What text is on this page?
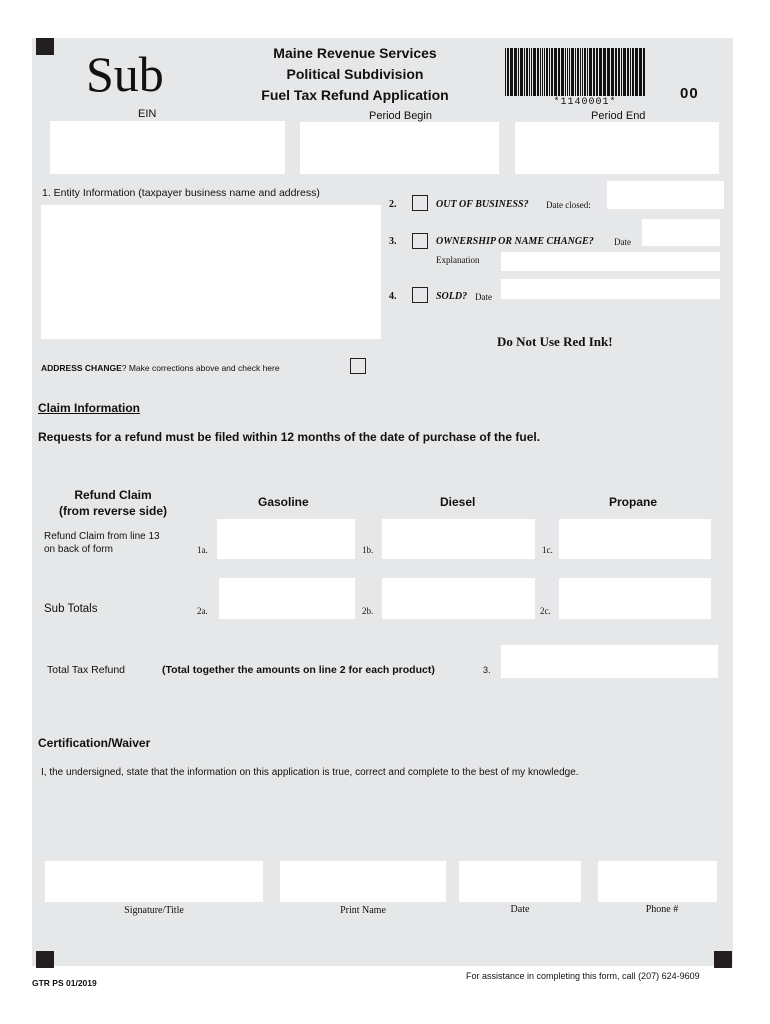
Sub	Maine Revenue Services
Political Subdivision
Fuel Tax Refund Application	*1140001*
00
EIN	Period Begin	Period End
1. Entity Information (taxpayer business name and address)
2.	OUT OF BUSINESS? Date closed:
3.	OWNERSHIP OR NAME CHANGE? Date
Explanation
4.	SOLD? Date
Do Not Use Red Ink!
ADDRESS CHANGE? Make corrections above and check here
Claim Information
Requests for a refund must be filed within 12 months of the date of purchase of the fuel.
Refund Claim
(from reverse side)
Gasoline	Diesel	Propane
Refund Claim from line 13
on back of form	1a.	1b.	1c.
Sub Totals	2a.	2b.	2c.
Total Tax Refund	(Total together the amounts on line 2 for each product)	3.
Certification/Waiver
I, the undersigned, state that the information on this application is true, correct and complete to the best of my knowledge.
Signature/Title	Print Name	Date	Phone #
For assistance in completing this form, call (207) 624-9609
GTR PS 01/2019
